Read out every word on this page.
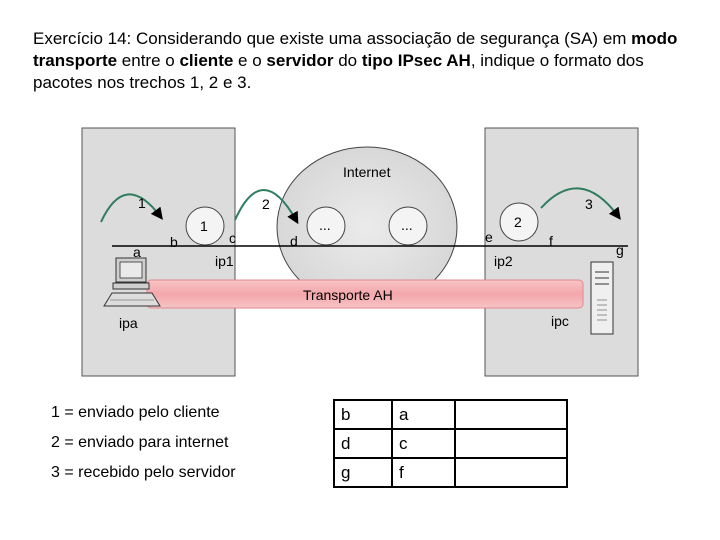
Exercício 14: Considerando que existe uma associação de segurança (SA) em modo transporte entre o cliente e o servidor do tipo IPsec AH, indique o formato dos pacotes nos trechos 1, 2 e 3.
Internet
Transporte AH
1	2	3
1	2
...	...
a
b	c	d	e	f
g
ip1	ip2
ipa	ipc
1 = enviado pelo cliente
2 = enviado para internet
3 = recebido pelo servidor
b	a	
d	c	
g	f	
